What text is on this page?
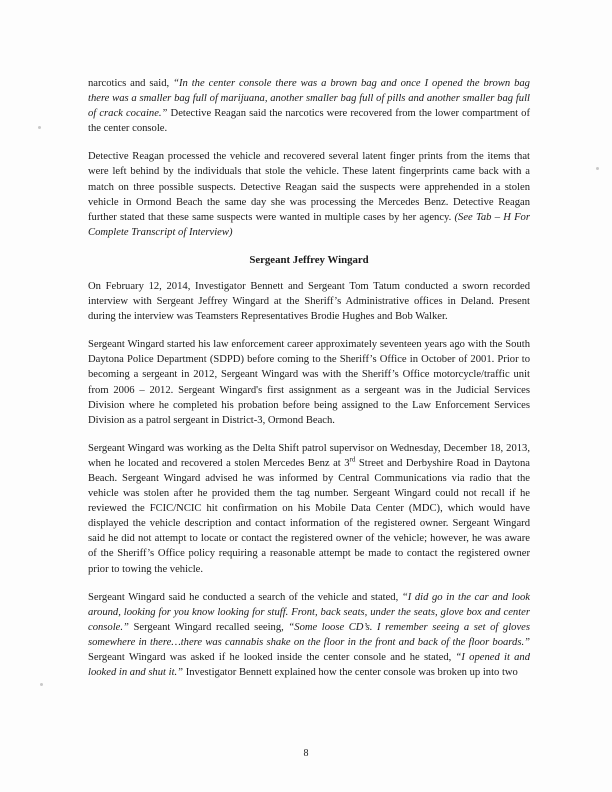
narcotics and said, “In the center console there was a brown bag and once I opened the brown bag there was a smaller bag full of marijuana, another smaller bag full of pills and another smaller bag full of crack cocaine.” Detective Reagan said the narcotics were recovered from the lower compartment of the center console.

Detective Reagan processed the vehicle and recovered several latent finger prints from the items that were left behind by the individuals that stole the vehicle. These latent fingerprints came back with a match on three possible suspects. Detective Reagan said the suspects were apprehended in a stolen vehicle in Ormond Beach the same day she was processing the Mercedes Benz. Detective Reagan further stated that these same suspects were wanted in multiple cases by her agency. (See Tab – H For Complete Transcript of Interview)

Sergeant Jeffrey Wingard

On February 12, 2014, Investigator Bennett and Sergeant Tom Tatum conducted a sworn recorded interview with Sergeant Jeffrey Wingard at the Sheriff’s Administrative offices in Deland. Present during the interview was Teamsters Representatives Brodie Hughes and Bob Walker.

Sergeant Wingard started his law enforcement career approximately seventeen years ago with the South Daytona Police Department (SDPD) before coming to the Sheriff’s Office in October of 2001. Prior to becoming a sergeant in 2012, Sergeant Wingard was with the Sheriff’s Office motorcycle/traffic unit from 2006 – 2012. Sergeant Wingard's first assignment as a sergeant was in the Judicial Services Division where he completed his probation before being assigned to the Law Enforcement Services Division as a patrol sergeant in District-3, Ormond Beach.

Sergeant Wingard was working as the Delta Shift patrol supervisor on Wednesday, December 18, 2013, when he located and recovered a stolen Mercedes Benz at 3rd Street and Derbyshire Road in Daytona Beach. Sergeant Wingard advised he was informed by Central Communications via radio that the vehicle was stolen after he provided them the tag number. Sergeant Wingard could not recall if he reviewed the FCIC/NCIC hit confirmation on his Mobile Data Center (MDC), which would have displayed the vehicle description and contact information of the registered owner. Sergeant Wingard said he did not attempt to locate or contact the registered owner of the vehicle; however, he was aware of the Sheriff’s Office policy requiring a reasonable attempt be made to contact the registered owner prior to towing the vehicle.

Sergeant Wingard said he conducted a search of the vehicle and stated, “I did go in the car and look around, looking for you know looking for stuff. Front, back seats, under the seats, glove box and center console.” Sergeant Wingard recalled seeing, “Some loose CD’s. I remember seeing a set of gloves somewhere in there…there was cannabis shake on the floor in the front and back of the floor boards.” Sergeant Wingard was asked if he looked inside the center console and he stated, “I opened it and looked in and shut it.” Investigator Bennett explained how the center console was broken up into two

8
